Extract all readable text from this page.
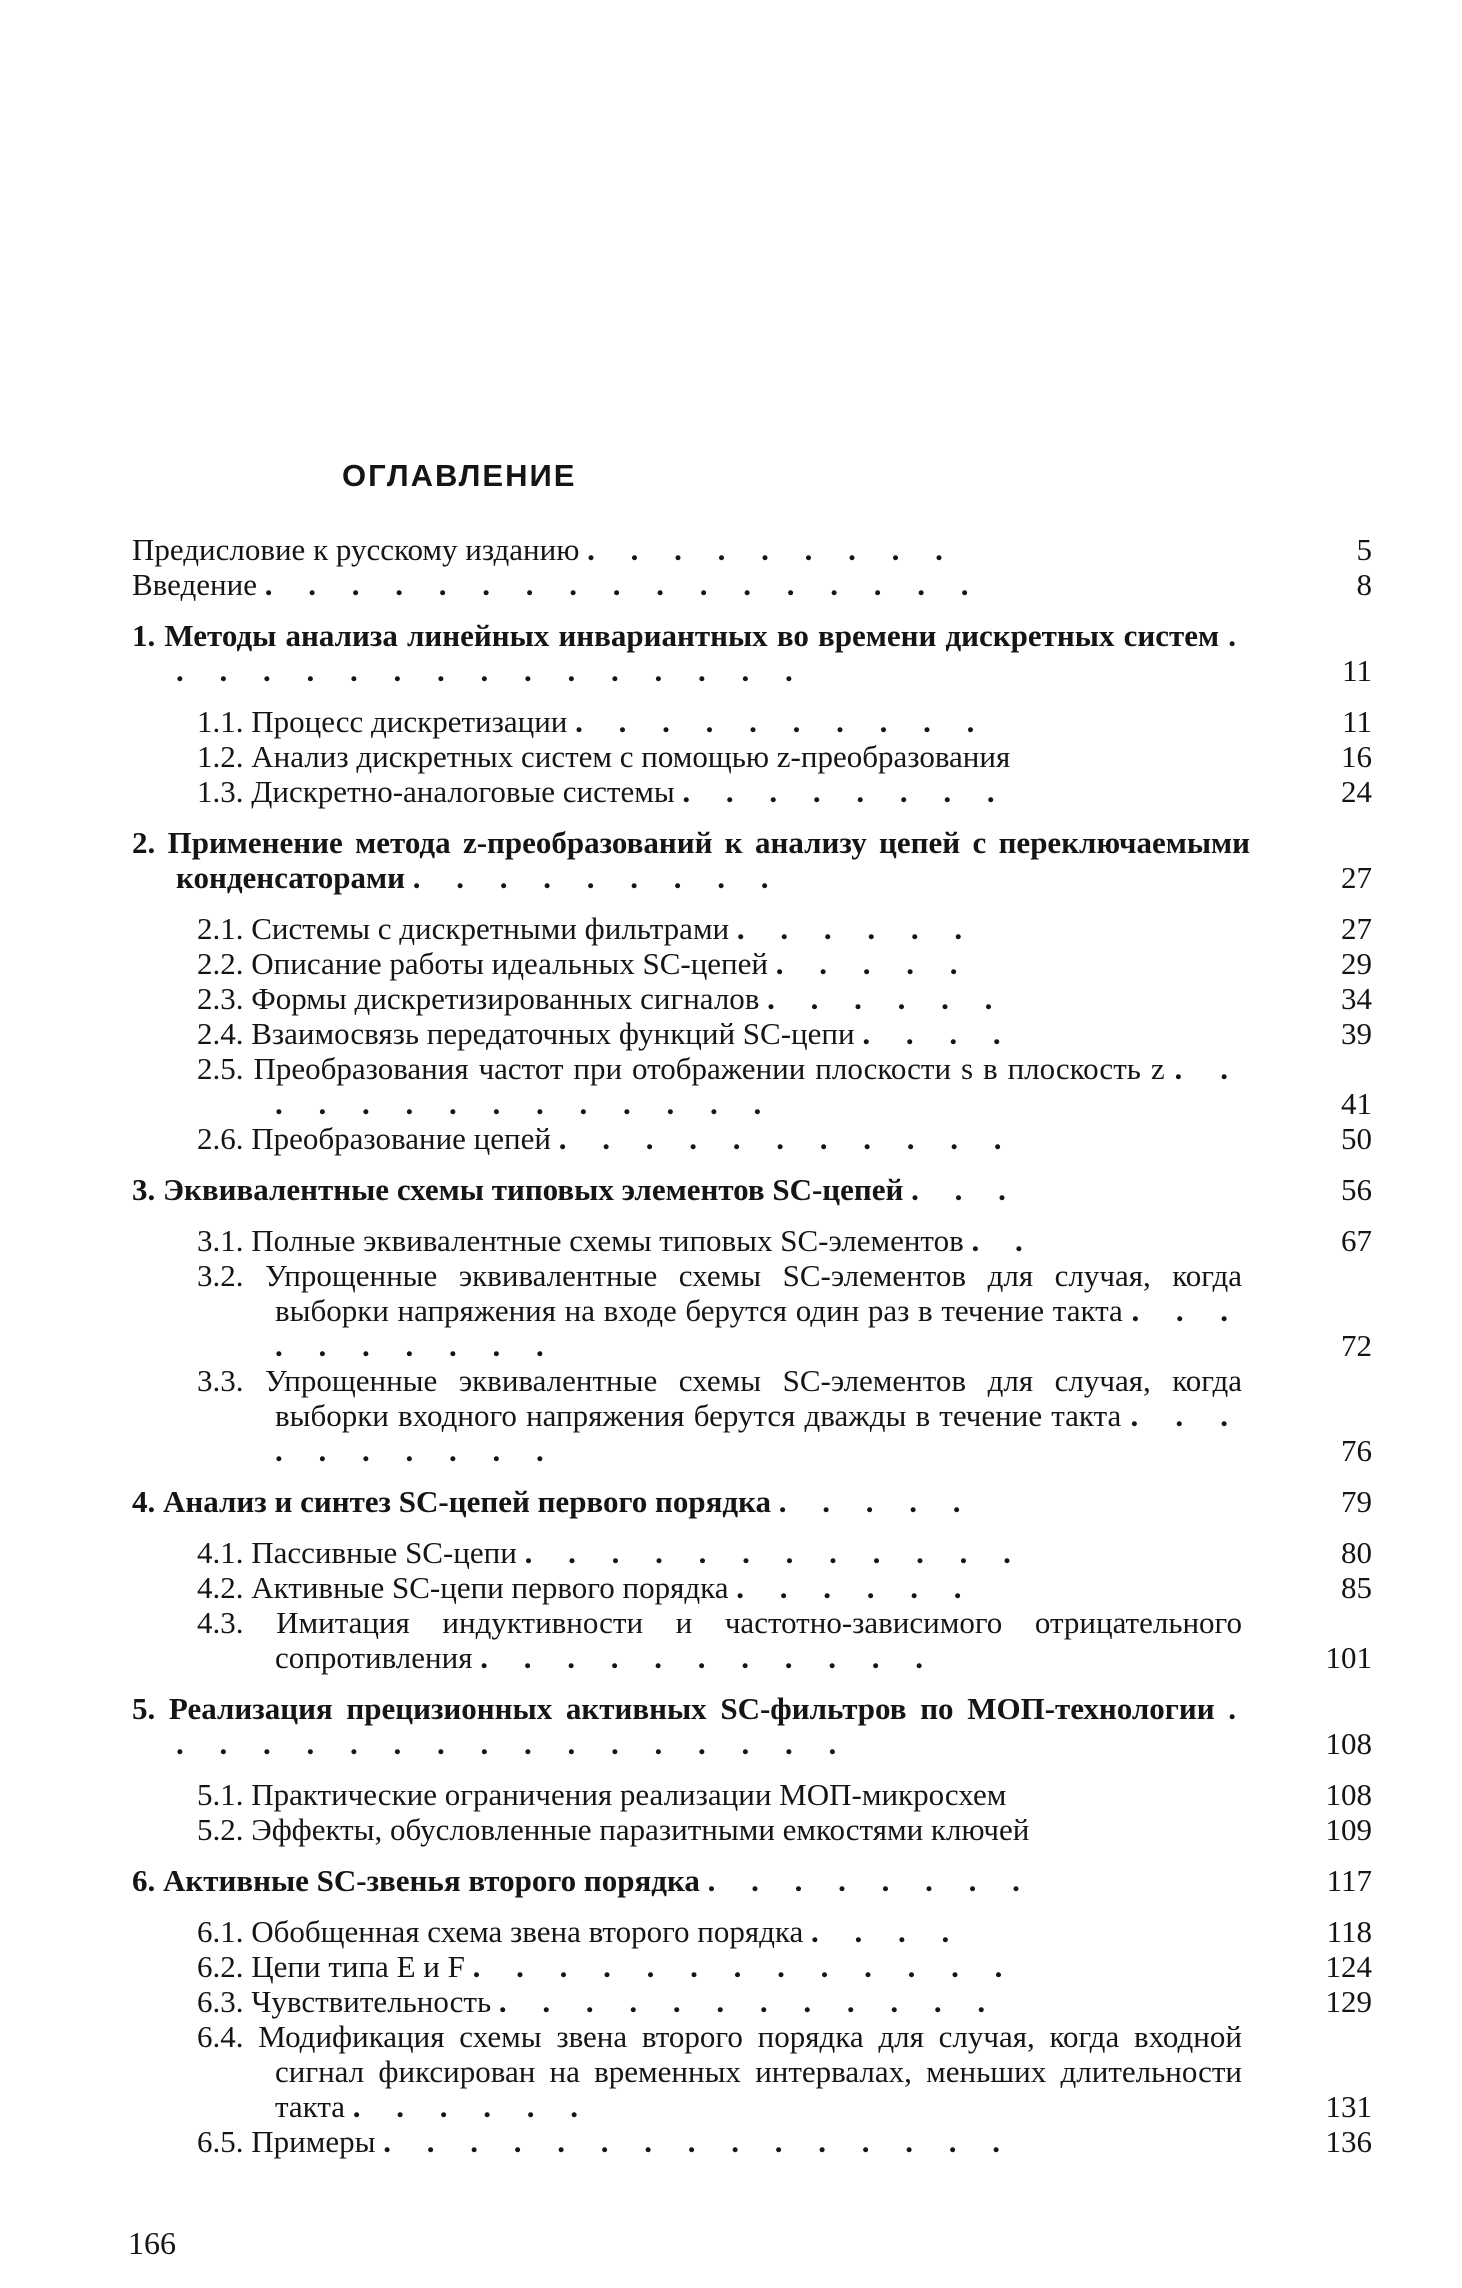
ОГЛАВЛЕНИЕ
Предисловие к русскому изданию . . . . . . . . .	5
Введение . . . . . . . . . . . . . . . . .	8
1. Методы анализа линейных инвариантных во времени дискретных систем . . . . . . . . . . . . . . . .	11
1.1. Процесс дискретизации . . . . . . . . . .	11
1.2. Анализ дискретных систем с помощью z-преобразования	16
1.3. Дискретно-аналоговые системы . . . . . . . .	24
2. Применение метода z-преобразований к анализу цепей с переключаемыми конденсаторами . . . . . . . . .	27
2.1. Системы с дискретными фильтрами . . . . . .	27
2.2. Описание работы идеальных SC-цепей . . . . .	29
2.3. Формы дискретизированных сигналов . . . . . .	34
2.4. Взаимосвязь передаточных функций SC-цепи . . . .	39
2.5. Преобразования частот при отображении плоскости s в плоскость z . . . . . . . . . . . . . .	41
2.6. Преобразование цепей . . . . . . . . . . .	50
3. Эквивалентные схемы типовых элементов SC-цепей . . .	56
3.1. Полные эквивалентные схемы типовых SC-элементов . .	67
3.2. Упрощенные эквивалентные схемы SC-элементов для случая, когда выборки напряжения на входе берутся один раз в течение такта . . . . . . . . . .	72
3.3. Упрощенные эквивалентные схемы SC-элементов для случая, когда выборки входного напряжения берутся дважды в течение такта . . . . . . . . . .	76
4. Анализ и синтез SC-цепей первого порядка . . . . .	79
4.1. Пассивные SC-цепи . . . . . . . . . . . .	80
4.2. Активные SC-цепи первого порядка . . . . . .	85
4.3. Имитация индуктивности и частотно-зависимого отрицательного сопротивления . . . . . . . . . . .	101
5. Реализация прецизионных активных SC-фильтров по МОП-технологии . . . . . . . . . . . . . . . . .	108
5.1. Практические ограничения реализации МОП-микросхем	108
5.2. Эффекты, обусловленные паразитными емкостями ключей	109
6. Активные SC-звенья второго порядка . . . . . . . .	117
6.1. Обобщенная схема звена второго порядка . . . .	118
6.2. Цепи типа E и F . . . . . . . . . . . . .	124
6.3. Чувствительность . . . . . . . . . . . .	129
6.4. Модификация схемы звена второго порядка для случая, когда входной сигнал фиксирован на временных интервалах, меньших длительности такта . . . . . .	131
6.5. Примеры . . . . . . . . . . . . . . .	136
166
